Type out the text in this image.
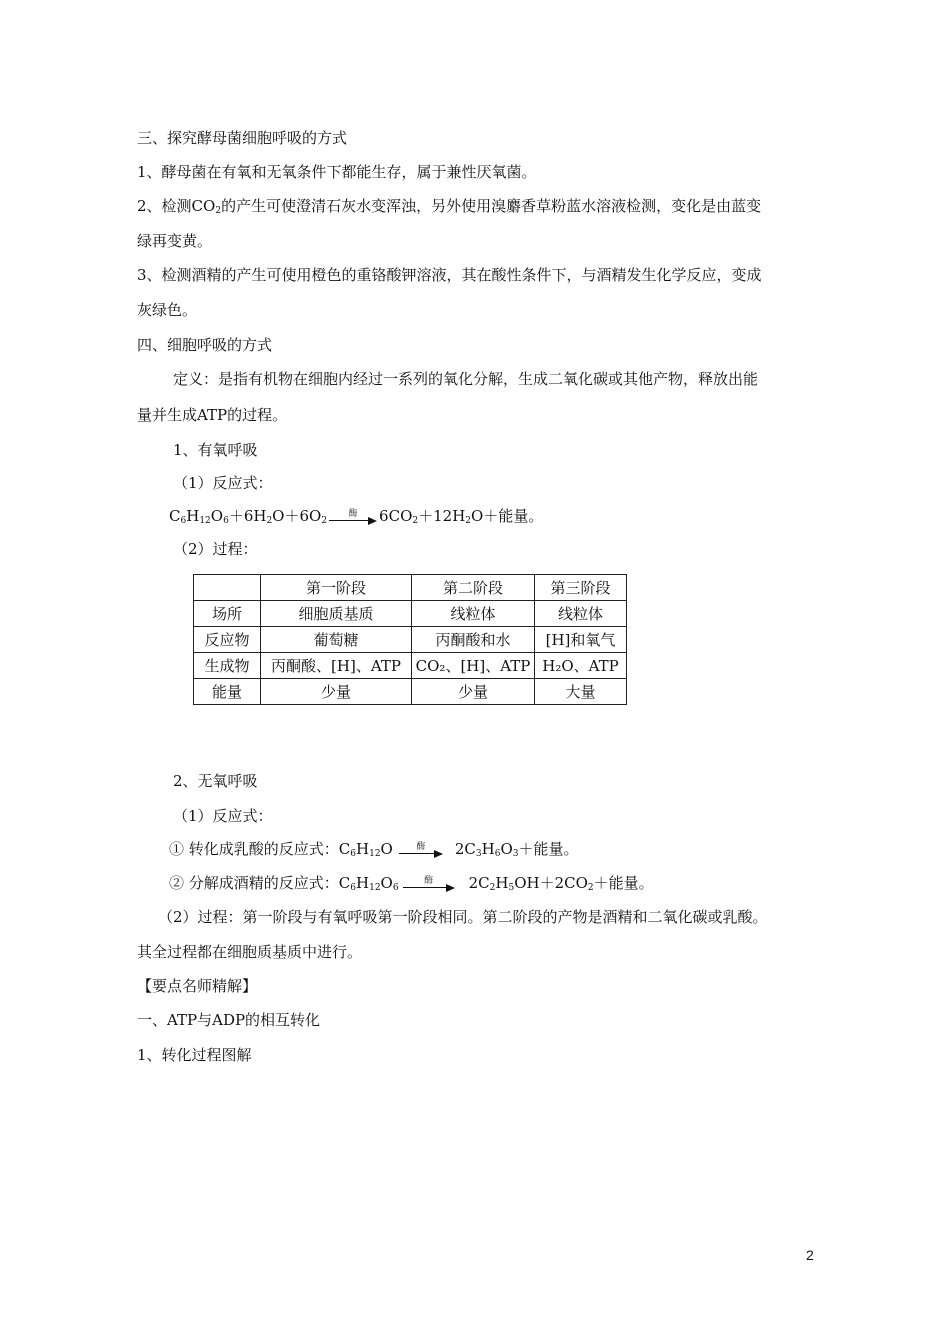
三、探究酵母菌细胞呼吸的方式
1、酵母菌在有氧和无氧条件下都能生存，属于兼性厌氧菌。
2、检测$CO_2$的产生可使澄清石灰水变浑浊，另外使用溴麝香草粉蓝水溶液检测，变化是由蓝变
绿再变黄。
3、检测酒精的产生可使用橙色的重铬酸钾溶液，其在酸性条件下，与酒精发生化学反应，变成
灰绿色。
四、细胞呼吸的方式
定义：是指有机物在细胞内经过一系列的氧化分解，生成二氧化碳或其他产物，释放出能
量并生成ATP的过程。
1、有氧呼吸
（1）反应式：
$C_6H_{12}O_6+6H_2O+6O_2$
酶	$6CO_2+12H_2O+$能量。
（2）过程：
	第一阶段	第二阶段	第三阶段
场所	细胞质基质	线粒体	线粒体
反应物	葡萄糖	丙酮酸和水	[H]和氧气
生成物	丙酮酸、[H]、ATP	CO₂、[H]、ATP	H₂O、ATP
能量	少量	少量	大量
2、无氧呼吸
（1）反应式：
① 转化成乳酸的反应式： $C_6H_{12}O$	酶	$2C_3H_6O_3$ ＋能量。
② 分解成酒精的反应式： $C_6H_{12}O_6$
酶	$2C_2H_5OH+2CO_2$ ＋能量。
（2）过程：第一阶段与有氧呼吸第一阶段相同。第二阶段的产物是酒精和二氧化碳或乳酸。
其全过程都在细胞质基质中进行。
【要点名师精解】
一、ATP与ADP的相互转化
1、转化过程图解
2
